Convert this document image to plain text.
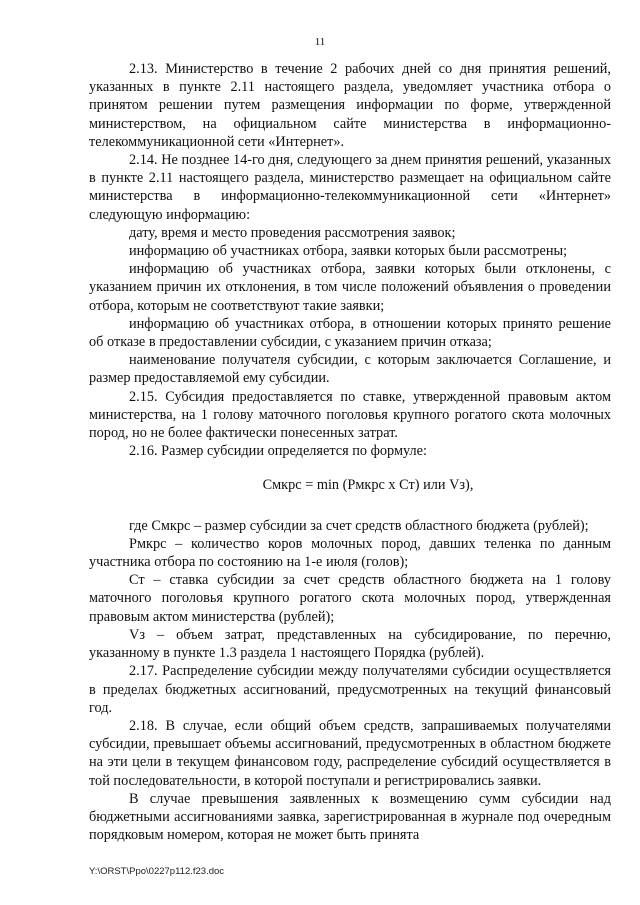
11

2.13. Министерство в течение 2 рабочих дней со дня принятия решений, указанных в пункте 2.11 настоящего раздела, уведомляет участника отбора о принятом решении путем размещения информации по форме, утвержденной министерством, на официальном сайте министерства в информационно-телекоммуникационной сети «Интернет».

2.14. Не позднее 14-го дня, следующего за днем принятия решений, указанных в пункте 2.11 настоящего раздела, министерство размещает на официальном сайте министерства в информационно-телекоммуникационной сети «Интернет» следующую информацию:

дату, время и место проведения рассмотрения заявок;

информацию об участниках отбора, заявки которых были рассмотрены;

информацию об участниках отбора, заявки которых были отклонены, с указанием причин их отклонения, в том числе положений объявления о проведении отбора, которым не соответствуют такие заявки;

информацию об участниках отбора, в отношении которых принято решение об отказе в предоставлении субсидии, с указанием причин отказа;

наименование получателя субсидии, с которым заключается Соглашение, и размер предоставляемой ему субсидии.

2.15. Субсидия предоставляется по ставке, утвержденной правовым актом министерства, на 1 голову маточного поголовья крупного рогатого скота молочных пород, но не более фактически понесенных затрат.

2.16. Размер субсидии определяется по формуле:

Смкрс = min (Рмкрс x Ст) или Vз),

где Смкрс – размер субсидии за счет средств областного бюджета (рублей);

Рмкрс – количество коров молочных пород, давших теленка по данным участника отбора по состоянию на 1-е июля (голов);

Ст – ставка субсидии за счет средств областного бюджета на 1 голову маточного поголовья крупного рогатого скота молочных пород, утвержденная правовым актом министерства (рублей);

Vз – объем затрат, представленных на субсидирование, по перечню, указанному в пункте 1.3 раздела 1 настоящего Порядка (рублей).

2.17. Распределение субсидии между получателями субсидии осуществляется в пределах бюджетных ассигнований, предусмотренных на текущий финансовый год.

2.18. В случае, если общий объем средств, запрашиваемых получателями субсидии, превышает объемы ассигнований, предусмотренных в областном бюджете на эти цели в текущем финансовом году, распределение субсидий осуществляется в той последовательности, в которой поступали и регистрировались заявки.

В случае превышения заявленных к возмещению сумм субсидии над бюджетными ассигнованиями заявка, зарегистрированная в журнале под очередным порядковым номером, которая не может быть принята

Y:\ORST\Ppo\0227p112.f23.doc
